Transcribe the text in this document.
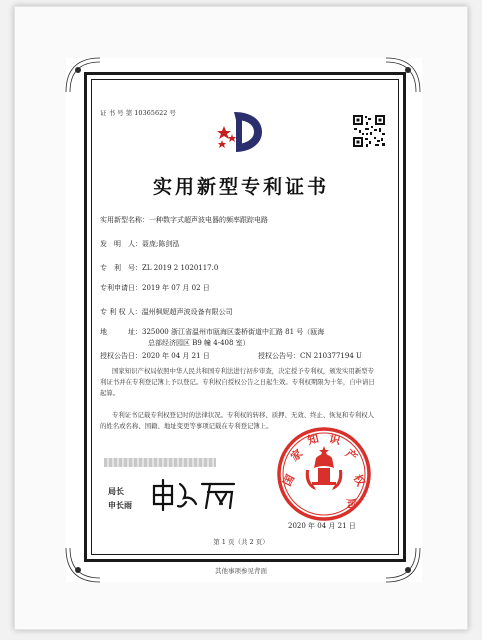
证 书 号 第 10365622 号
实用新型专利证书
实用新型名称：一种数字式超声波电器的频率跟踪电路
发　明　人：聂庞;陈剑泓
专　利　号：ZL 2019 2 1020117.0
专利申请日：2019 年 07 月 02 日
专 利 权 人：温州枫妮超声波设备有限公司
地　　　址：325000 浙江省温州市瓯海区娄桥街道中汇路 81 号（瓯海
总部经济园区 B9 幢 4-408 室）
授权公告日：2020 年 04 月 21 日	授权公告号：CN 210377194 U
国家知识产权局依照中华人民共和国专利法进行初步审查，决定授予专利权，颁发实用新型专利证书并在专利登记簿上予以登记。专利权自授权公告之日起生效。专利权期限为十年，自申请日起算。
专利证书记载专利权登记时的法律状况。专利权的转移、质押、无效、终止、恢复和专利权人的姓名或名称、国籍、地址变更等事项记载在专利登记簿上。
局长
申长雨
国
家
知 识
产
权
局
2020 年 04 月 21 日
第 1 页（共 2 页）
其他事项参见背面
